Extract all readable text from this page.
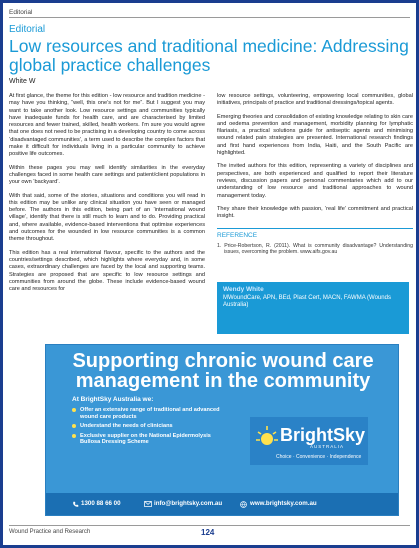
Editorial
Editorial
Low resources and traditional medicine: Addressing global practice challenges
White W

At first glance, the theme for this edition - low resource and tradition medicine - may have you thinking, “well, this one’s not for me”. But I suggest you may want to take another look. Low resource settings and communities typically have inadequate funds for health care, and are characterised by limited resources and fewer trained, skilled, health workers. I’m sure you would agree that one does not need to be practising in a developing country to come across ‘disadvantaged communities’, a term used to describe the complex factors that make it difficult for individuals living in a particular community to achieve positive life outcomes.

Within these pages you may well identify similarities in the everyday challenges faced in some health care settings and patient/client populations in your own ‘backyard’.

With that said, some of the stories, situations and conditions you will read in this edition may be unlike any clinical situation you have seen or managed before. The authors in this edition, being part of an ‘international wound village’, identify that there is still much to learn and to do. Providing practical and, where available, evidence-based interventions that optimise experiences and outcomes for the wounded in low resource communities is a common theme throughout.

This edition has a real international flavour, specific to the authors and the countries/settings described, which highlights where everyday and, in some cases, extraordinary challenges are faced by the local and supporting teams. Strategies are proposed that are specific to low resource settings and communities from around the globe. These include evidence-based wound care and resources for

low resource settings, volunteering, empowering local communities, global initiatives, principals of practice and traditional dressings/topical agents.

Emerging theories and consolidation of existing knowledge relating to skin care and oedema prevention and management, morbidity planning for lymphatic filariasis, a practical solutions guide for antiseptic agents and minimising wound related pain strategies are presented. International research findings and first hand experiences from India, Haiti, and the South Pacific are highlighted.

The invited authors for this edition, representing a variety of disciplines and perspectives, are both experienced and qualified to report their literature reviews, discussion papers and personal commentaries which add to our understanding of low resource and traditional approaches to wound management today.

They share their knowledge with passion, ‘real life’ commitment and practical insight.

REFERENCE
1. Price-Robertson, R. (2011). What is community disadvantage? Understanding issues, overcoming the problem. www.aifs.gov.au
Wendy White
MWoundCare, APN, BEd, Plast Cert, MACN, FAWMA (Wounds Australia)
Supporting chronic wound care management in the community
At BrightSky Australia we:
Offer an extensive range of traditional and advanced wound care products
Understand the needs of clinicians
Exclusive supplier on the National Epidermolysis Bullosa Dressing Scheme	BrightSky
AUSTRALIA
Choice · Convenience · Independence
1300 88 66 00	info@brightsky.com.au	www.brightsky.com.au
Wound Practice and Research	124
